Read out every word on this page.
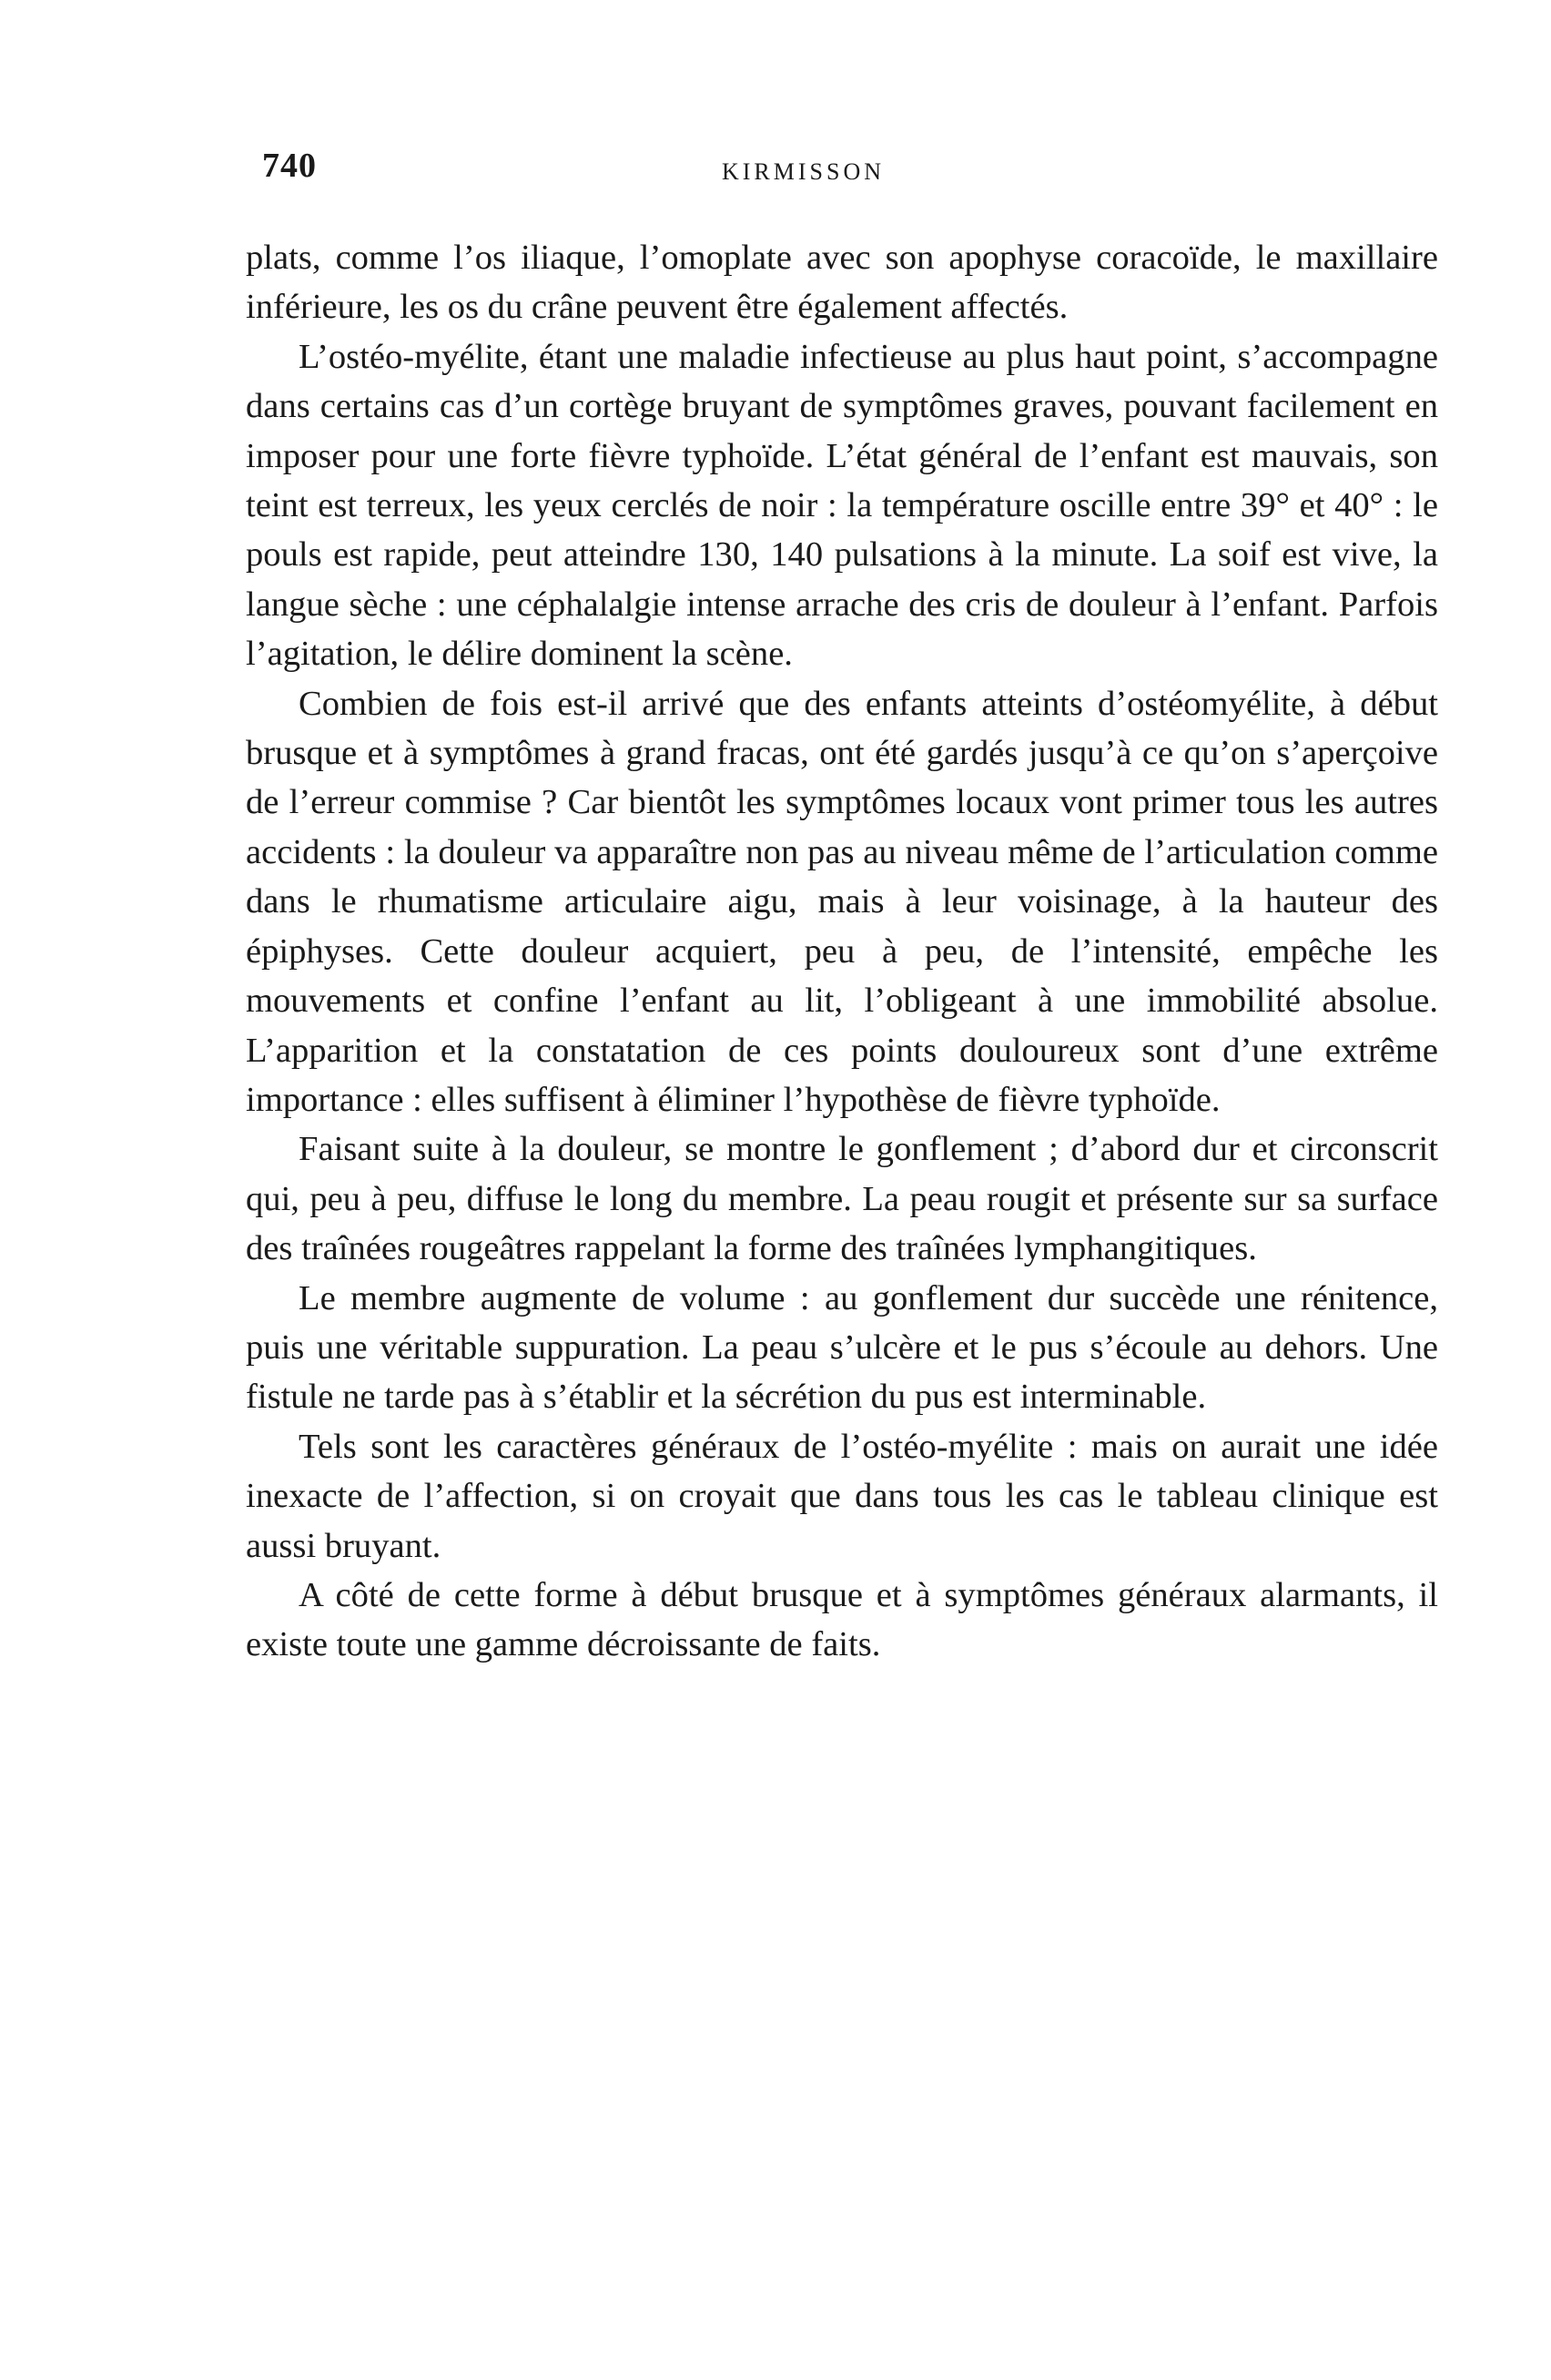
740	KIRMISSON

plats, comme l’os iliaque, l’omoplate avec son apophyse coracoïde, le maxillaire inférieure, les os du crâne peuvent être également affectés.

L’ostéo-myélite, étant une maladie infectieuse au plus haut point, s’accompagne dans certains cas d’un cortège bruyant de symptômes graves, pouvant facilement en imposer pour une forte fièvre typhoïde. L’état général de l’enfant est mauvais, son teint est terreux, les yeux cerclés de noir : la température oscille entre 39° et 40° : le pouls est rapide, peut atteindre 130, 140 pulsations à la minute. La soif est vive, la langue sèche : une céphalalgie intense arrache des cris de douleur à l’enfant. Parfois l’agitation, le délire dominent la scène.

Combien de fois est-il arrivé que des enfants atteints d’ostéomyélite, à début brusque et à symptômes à grand fracas, ont été gardés jusqu’à ce qu’on s’aperçoive de l’erreur commise ? Car bientôt les symptômes locaux vont primer tous les autres accidents : la douleur va apparaître non pas au niveau même de l’articulation comme dans le rhumatisme articulaire aigu, mais à leur voisinage, à la hauteur des épiphyses. Cette douleur acquiert, peu à peu, de l’intensité, empêche les mouvements et confine l’enfant au lit, l’obligeant à une immobilité absolue. L’apparition et la constatation de ces points douloureux sont d’une extrême importance : elles suffisent à éliminer l’hypothèse de fièvre typhoïde.

Faisant suite à la douleur, se montre le gonflement ; d’abord dur et circonscrit qui, peu à peu, diffuse le long du membre. La peau rougit et présente sur sa surface des traînées rougeâtres rappelant la forme des traînées lymphangitiques.

Le membre augmente de volume : au gonflement dur succède une rénitence, puis une véritable suppuration. La peau s’ulcère et le pus s’écoule au dehors. Une fistule ne tarde pas à s’établir et la sécrétion du pus est interminable.

Tels sont les caractères généraux de l’ostéo-myélite : mais on aurait une idée inexacte de l’affection, si on croyait que dans tous les cas le tableau clinique est aussi bruyant.

A côté de cette forme à début brusque et à symptômes généraux alarmants, il existe toute une gamme décroissante de faits.
